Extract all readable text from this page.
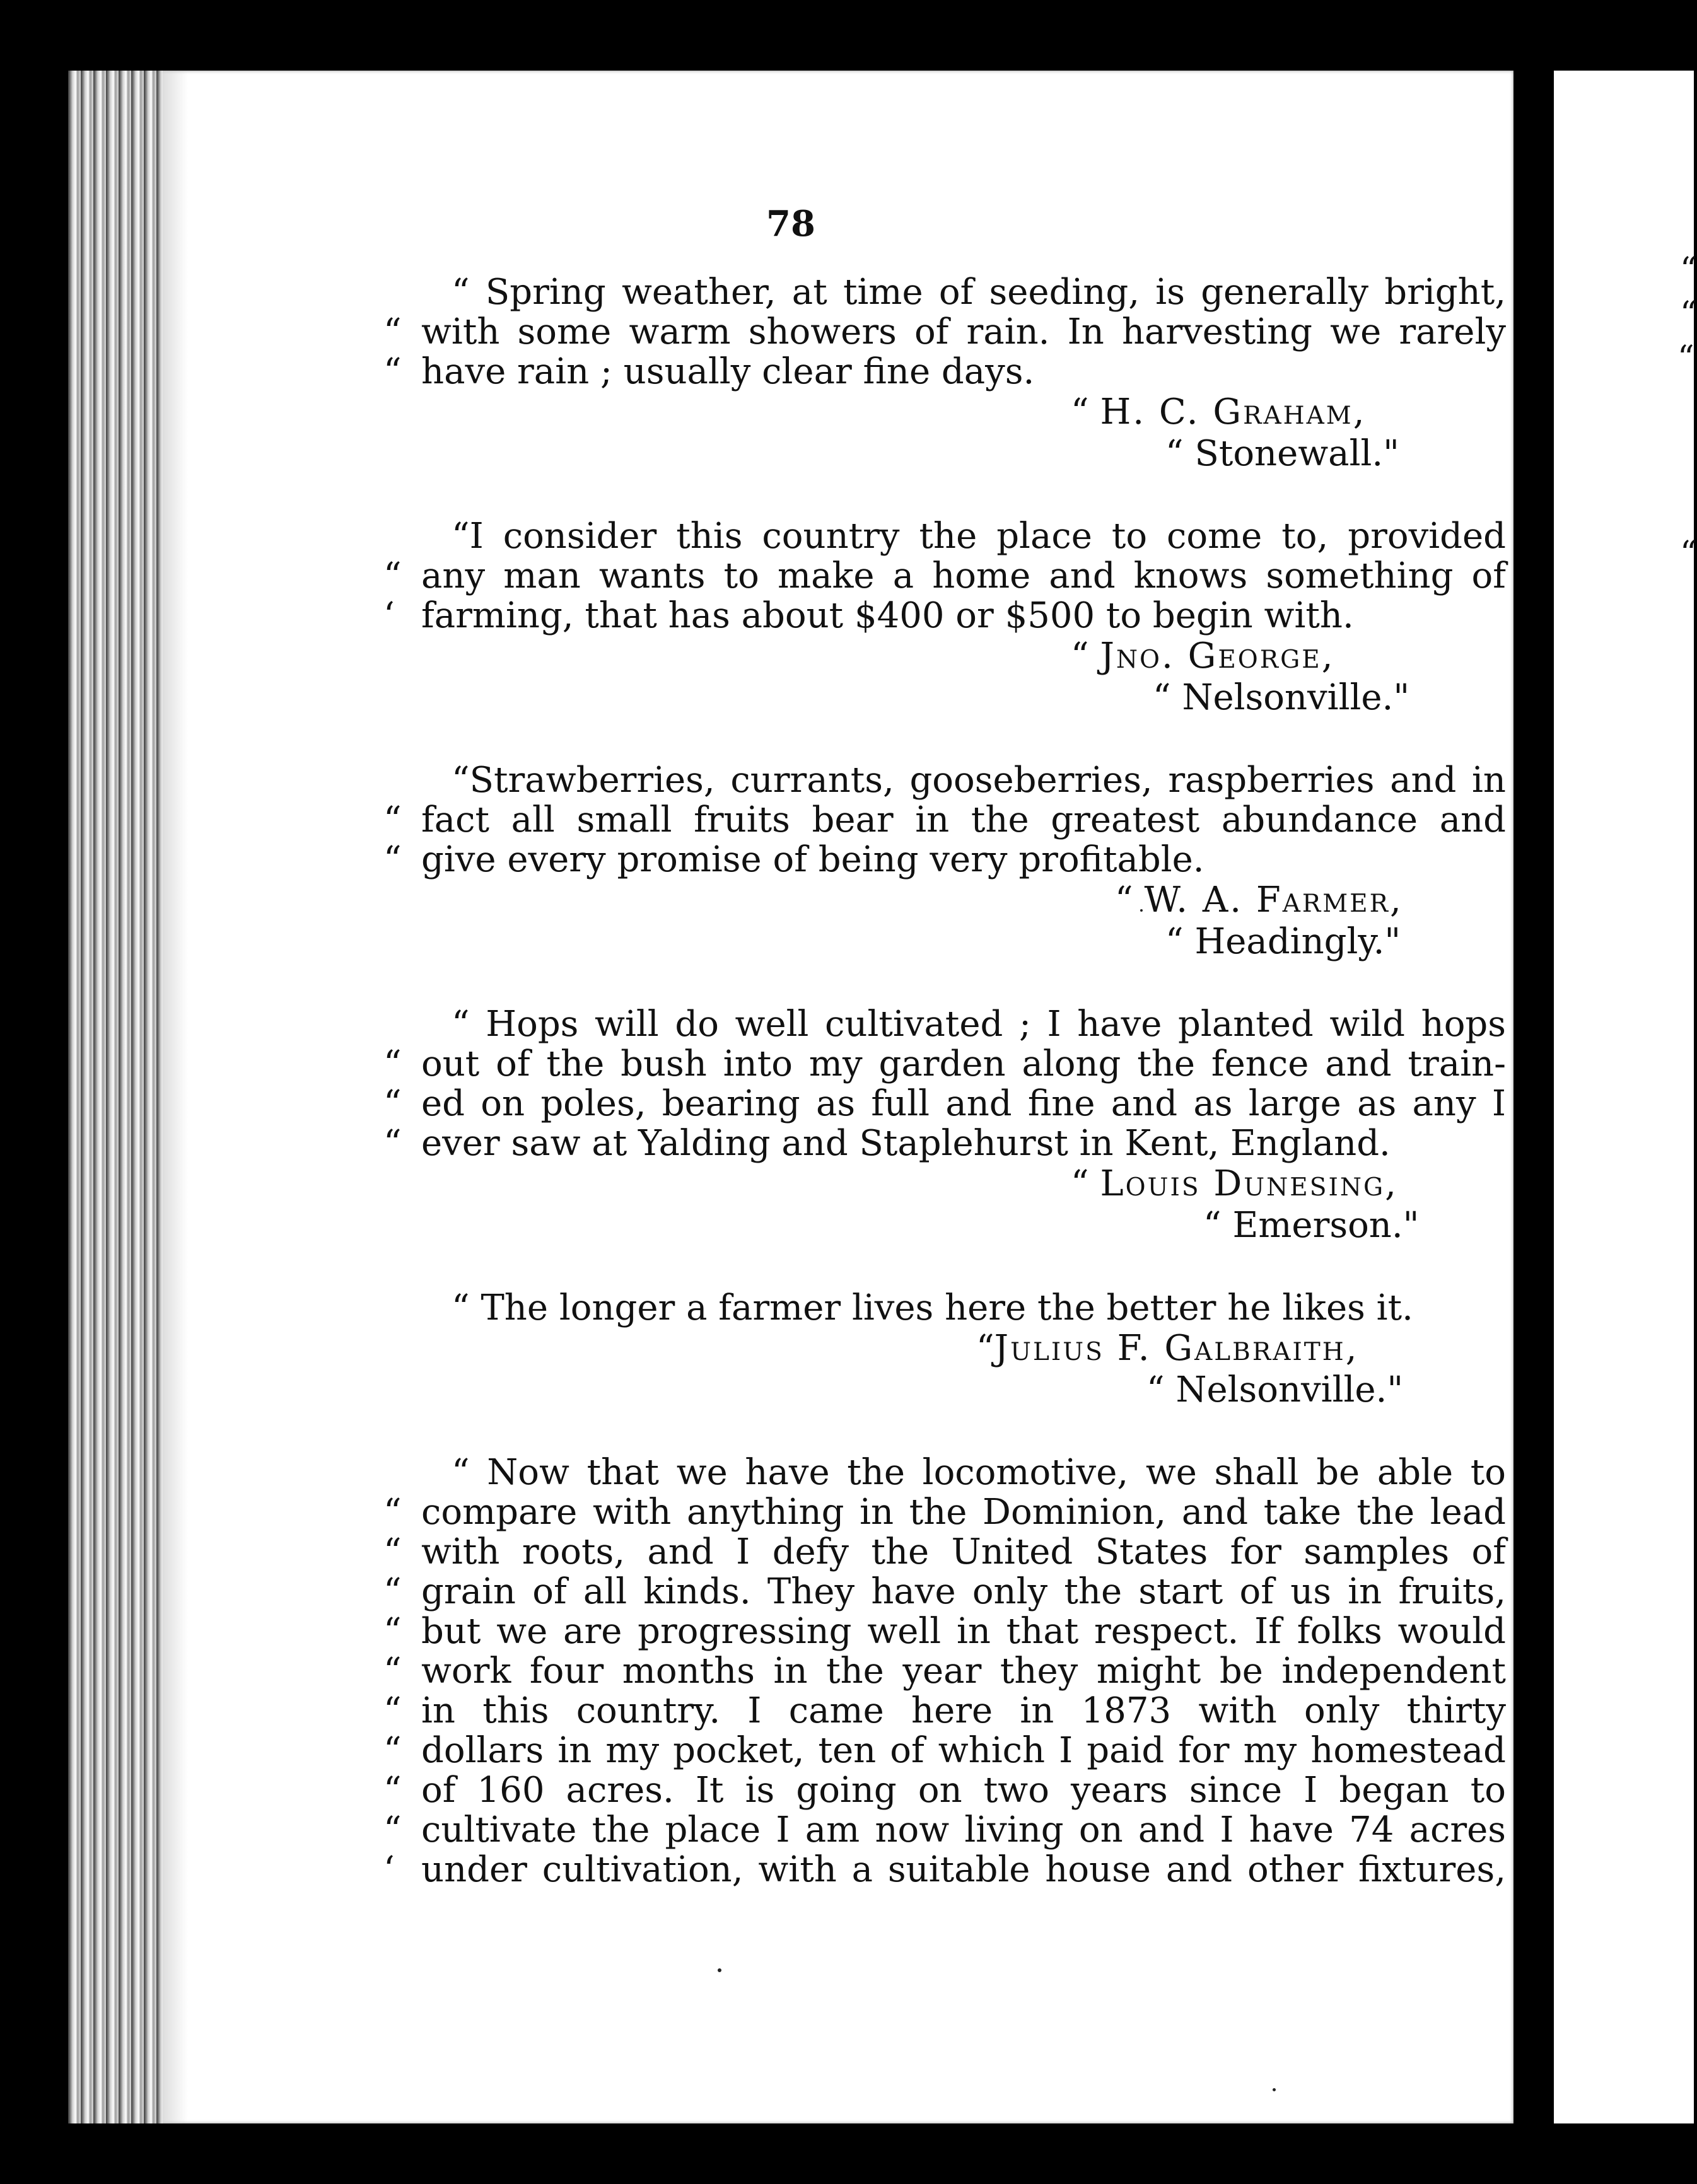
“
“
“
“
78
“ Spring weather, at time of seeding, is generally bright,
“ with some warm showers of rain. In harvesting we rarely
“ have rain ; usually clear fine days.
“ H. C. Graham,
“ Stonewall."
“I consider this country the place to come to, provided
“ any man wants to make a home and knows something of
‘ farming, that has about $400 or $500 to begin with.
“ Jno. George,
“ Nelsonville."
“Strawberries, currants, gooseberries, raspberries and in
“ fact all small fruits bear in the greatest abundance and
“ give every promise of being very profitable.
“ W. A. Farmer,
“ Headingly."
“ Hops will do well cultivated ; I have planted wild hops
“ out of the bush into my garden along the fence and train-
“ ed on poles, bearing as full and fine and as large as any I
“ ever saw at Yalding and Staplehurst in Kent, England.
“ Louis Dunesing,
“ Emerson."
“ The longer a farmer lives here the better he likes it.
“Julius F. Galbraith,
“ Nelsonville."
“ Now that we have the locomotive, we shall be able to
“ compare with anything in the Dominion, and take the lead
“ with roots, and I defy the United States for samples of
“ grain of all kinds. They have only the start of us in fruits,
“ but we are progressing well in that respect. If folks would
“ work four months in the year they might be independent
“ in this country. I came here in 1873 with only thirty
“ dollars in my pocket, ten of which I paid for my homestead
“ of 160 acres. It is going on two years since I began to
“ cultivate the place I am now living on and I have 74 acres
‘ under cultivation, with a suitable house and other fixtures,
